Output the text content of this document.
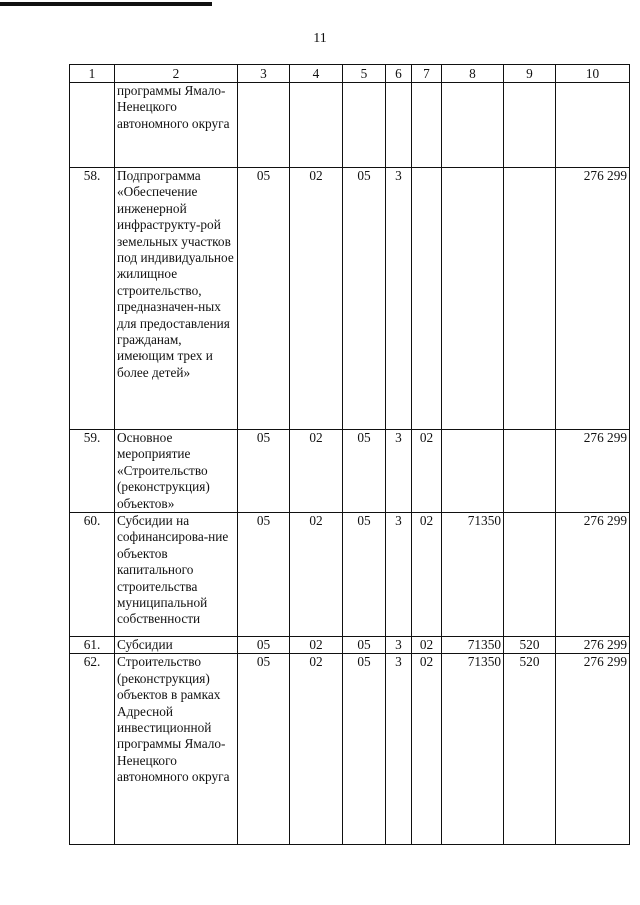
11
1	2	3	4	5	6	7	8	9	10
	программы Ямало-Ненецкого автономного округа								
58.	Подпрограмма «Обеспечение инженерной инфраструкту-рой земельных участков под индивидуальное жилищное строительство, предназначен-ных для предоставления гражданам, имеющим трех и более детей»	05	02	05	3				276 299
59.	Основное мероприятие «Строительство (реконструкция) объектов»	05	02	05	3	02			276 299
60.	Субсидии на софинансирова-ние объектов капитального строительства муниципальной собственности	05	02	05	3	02	71350		276 299
61.	Субсидии	05	02	05	3	02	71350	520	276 299
62.	Строительство (реконструкция) объектов в рамках Адресной инвестиционной программы Ямало-Ненецкого автономного округа	05	02	05	3	02	71350	520	276 299
